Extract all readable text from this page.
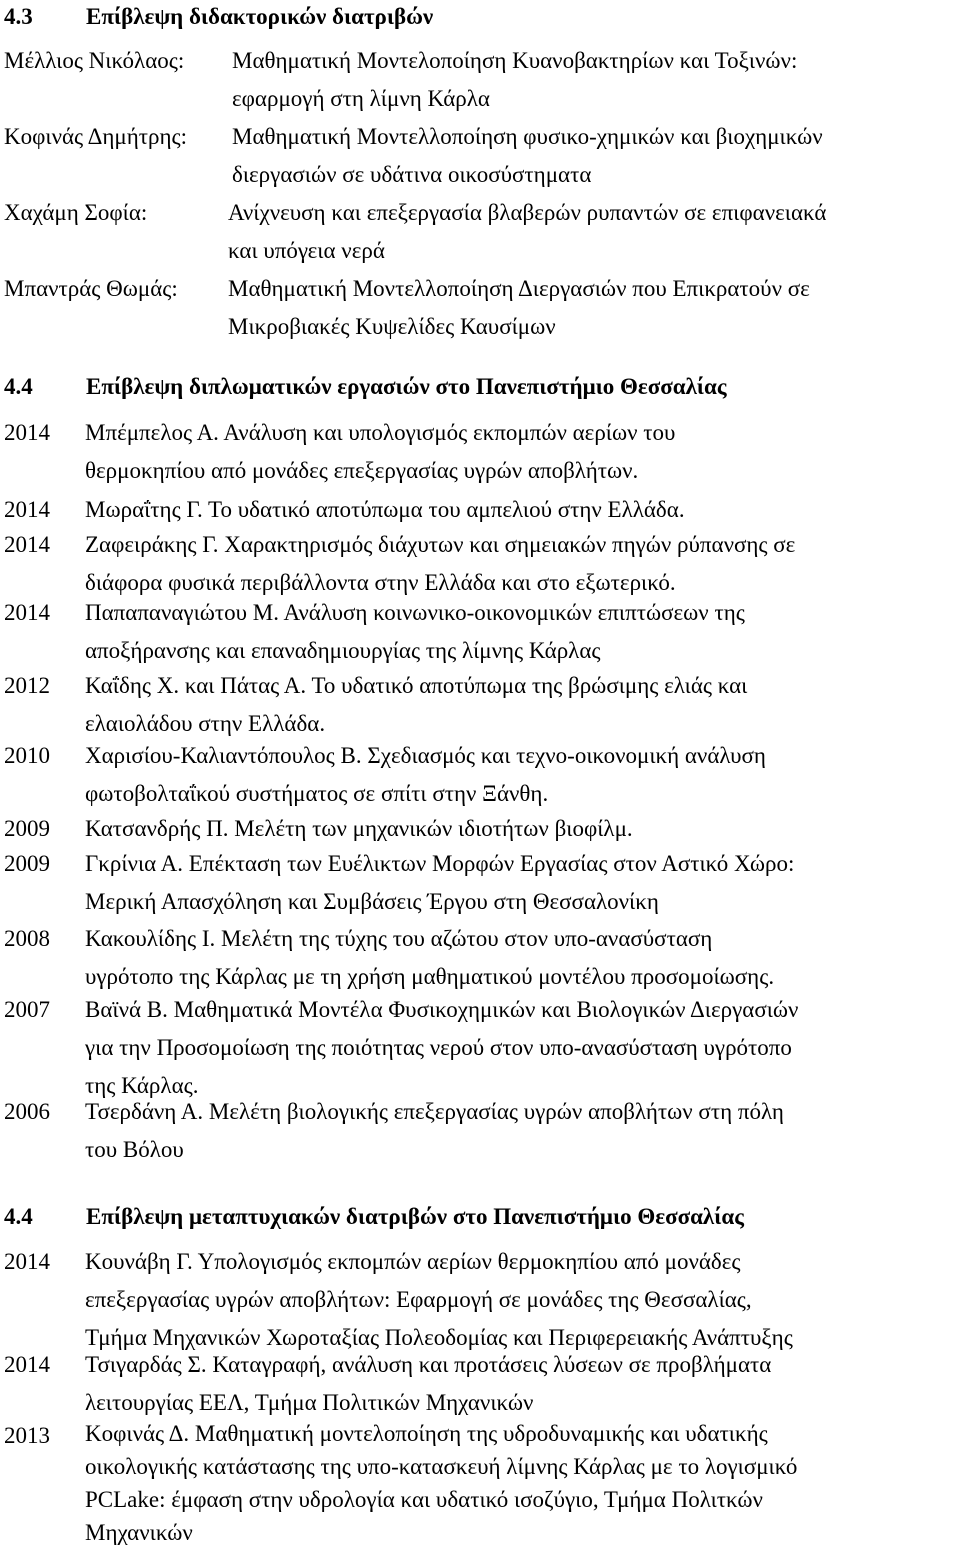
4.3 Επίβλεψη διδακτορικών διατριβών
Μέλλιος Νικόλαος: Μαθηματική Μοντελοποίηση Κυανοβακτηρίων και Τοξινών:
εφαρμογή στη λίμνη Κάρλα
Κοφινάς Δημήτρης: Μαθηματική Μοντελλοποίηση φυσικο-χημικών και βιοχημικών
διεργασιών σε υδάτινα οικοσύστηματα
Χαχάμη Σοφία:	Ανίχνευση και επεξεργασία βλαβερών ρυπαντών σε επιφανειακά
και υπόγεια νερά
Μπαντράς Θωμάς: Μαθηματική Μοντελλοποίηση Διεργασιών που Επικρατούν σε
Μικροβιακές Κυψελίδες Καυσίμων
4.4 Επίβλεψη διπλωματικών εργασιών στο Πανεπιστήμιο Θεσσαλίας
2014 Μπέμπελος Α. Ανάλυση και υπολογισμός εκπομπών αερίων του
θερμοκηπίου από μονάδες επεξεργασίας υγρών αποβλήτων.
2014 Μωραΐτης Γ. Το υδατικό αποτύπωμα του αμπελιού στην Ελλάδα.
2014 Ζαφειράκης Γ. Χαρακτηρισμός διάχυτων και σημειακών πηγών ρύπανσης σε
διάφορα φυσικά περιβάλλοντα στην Ελλάδα και στο εξωτερικό.
2014 Παπαπαναγιώτου Μ. Ανάλυση κοινωνικο-οικονομικών επιπτώσεων της
αποξήρανσης και επαναδημιουργίας της λίμνης Κάρλας
2012 Καΐδης Χ. και Πάτας Α. Το υδατικό αποτύπωμα της βρώσιμης ελιάς και
ελαιολάδου στην Ελλάδα.
2010 Χαρισίου-Καλιαντόπουλος Β. Σχεδιασμός και τεχνο-οικονομική ανάλυση
φωτοβολταΐκού συστήματος σε σπίτι στην Ξάνθη.
2009 Κατσανδρής Π. Μελέτη των μηχανικών ιδιοτήτων βιοφίλμ.
2009 Γκρίνια Α. Επέκταση των Ευέλικτων Μορφών Εργασίας στον Αστικό Χώρο:
Μερική Απασχόληση και Συμβάσεις Έργου στη Θεσσαλονίκη
2008 Κακουλίδης Ι. Μελέτη της τύχης του αζώτου στον υπο-ανασύσταση
υγρότοπο της Κάρλας με τη χρήση μαθηματικού μοντέλου προσομοίωσης.
2007 Βαϊνά Β. Μαθηματικά Μοντέλα Φυσικοχημικών και Βιολογικών Διεργασιών
για την Προσομοίωση της ποιότητας νερού στον υπο-ανασύσταση υγρότοπο
της Κάρλας.
2006 Τσερδάνη Α. Μελέτη βιολογικής επεξεργασίας υγρών αποβλήτων στη πόλη
του Βόλου
4.4 Επίβλεψη μεταπτυχιακών διατριβών στο Πανεπιστήμιο Θεσσαλίας
2014 Κουνάβη Γ. Υπολογισμός εκπομπών αερίων θερμοκηπίου από μονάδες
επεξεργασίας υγρών αποβλήτων: Εφαρμογή σε μονάδες της Θεσσαλίας,
Τμήμα Μηχανικών Χωροταξίας Πολεοδομίας και Περιφερειακής Ανάπτυξης
2014 Τσιγαρδάς Σ. Καταγραφή, ανάλυση και προτάσεις λύσεων σε προβλήματα
λειτουργίας ΕΕΛ, Τμήμα Πολιτικών Μηχανικών
2013 Κοφινάς Δ. Μαθηματική μοντελοποίηση της υδροδυναμικής και υδατικής
οικολογικής κατάστασης της υπο-κατασκευή λίμνης Κάρλας με το λογισμικό
PCLake: έμφαση στην υδρολογία και υδατικό ισοζύγιο, Τμήμα Πολιτκών
Μηχανικών
